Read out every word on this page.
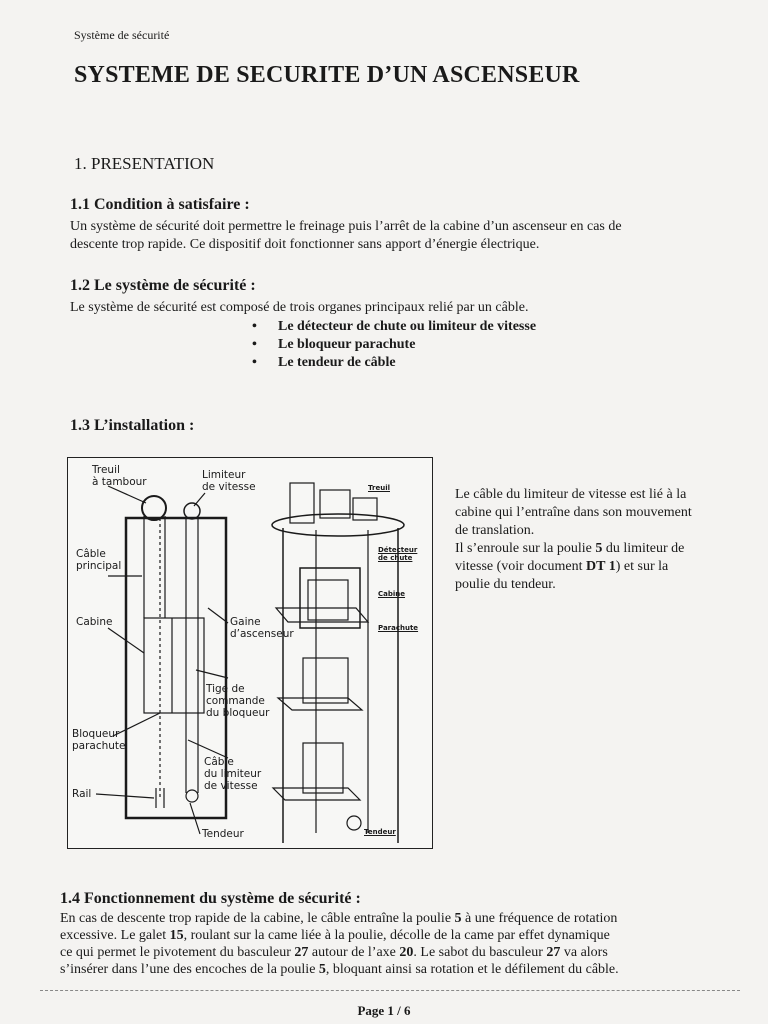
Système de sécurité
SYSTEME DE SECURITE D’UN ASCENSEUR
1. PRESENTATION
1.1 Condition à satisfaire :

Un système de sécurité doit permettre le freinage puis l’arrêt de la cabine d’un ascenseur en cas de

descente trop rapide. Ce dispositif doit fonctionner sans apport d’énergie électrique.

1.2 Le système de sécurité :

Le système de sécurité est composé de trois organes principaux relié par un câble.

• Le détecteur de chute ou limiteur de vitesse
• Le bloqueur parachute
• Le tendeur de câble
1.3 L’installation :
Treuil
à tambour
Limiteur
de vitesse
Câble
principal
Cabine	Gaine
d’ascenseur
Tige de
commande
du bloqueur
Bloqueur
parachute
Câble
du limiteur
de vitesse
Rail
Tendeur
Treuil
Détecteur
de chute
Cabine
Parachute
Tendeur

Le câble du limiteur de vitesse est lié à la

cabine qui l’entraîne dans son mouvement

de translation.

Il s’enroule sur la poulie 5 du limiteur de

vitesse (voir document DT 1) et sur la

poulie du tendeur.

1.4 Fonctionnement du système de sécurité :

En cas de descente trop rapide de la cabine, le câble entraîne la poulie 5 à une fréquence de rotation

excessive. Le galet 15, roulant sur la came liée à la poulie, décolle de la came par effet dynamique

ce qui permet le pivotement du basculeur 27 autour de l’axe 20. Le sabot du basculeur 27 va alors

s’insérer dans l’une des encoches de la poulie 5, bloquant ainsi sa rotation et le défilement du câble.

Page 1 / 6
